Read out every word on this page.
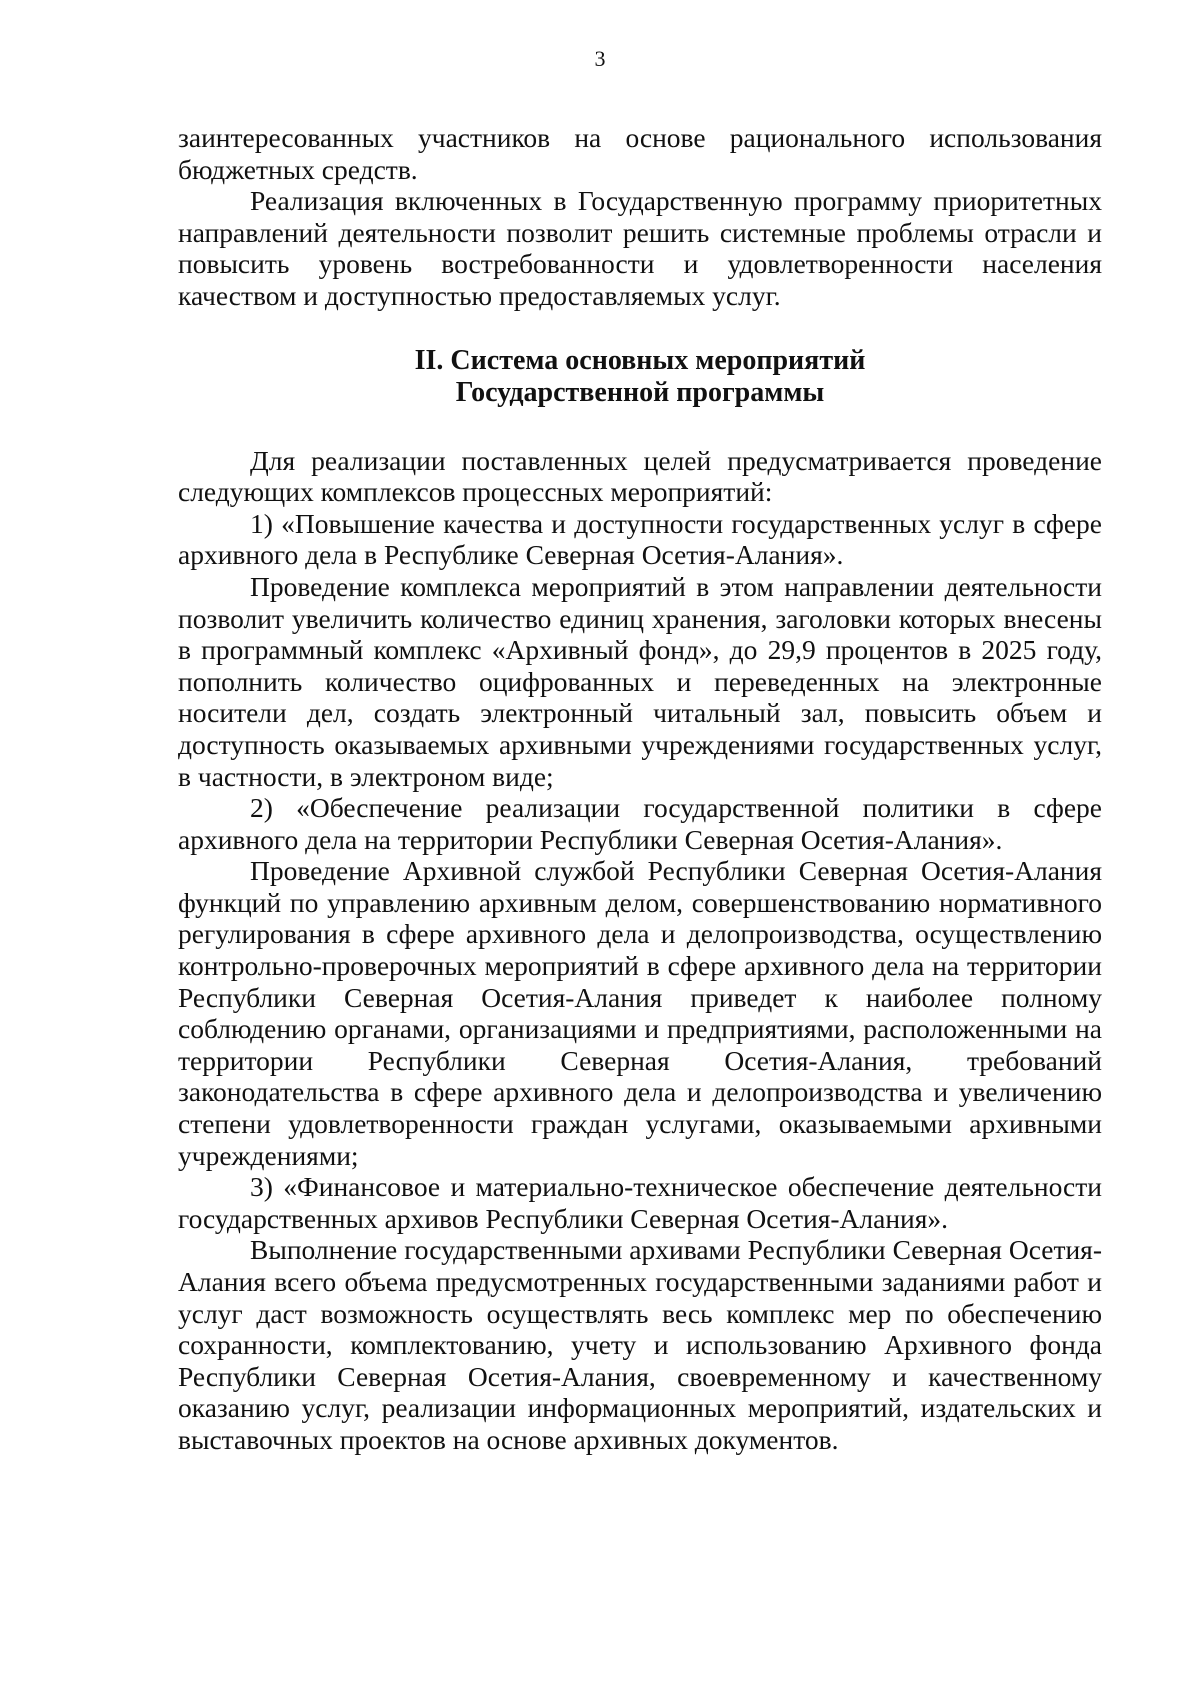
3

заинтересованных участников на основе рационального использования бюджетных средств.

Реализация включенных в Государственную программу приоритетных направлений деятельности позволит решить системные проблемы отрасли и повысить уровень востребованности и удовлетворенности населения качеством и доступностью предоставляемых услуг.

II. Система основных мероприятий
Государственной программы

Для реализации поставленных целей предусматривается проведение следующих комплексов процессных мероприятий:

1) «Повышение качества и доступности государственных услуг в сфере архивного дела в Республике Северная Осетия-Алания».

Проведение комплекса мероприятий в этом направлении деятельности позволит увеличить количество единиц хранения, заголовки которых внесены в программный комплекс «Архивный фонд», до 29,9 процентов в 2025 году, пополнить количество оцифрованных и переведенных на электронные носители дел, создать электронный читальный зал, повысить объем и доступность оказываемых архивными учреждениями государственных услуг, в частности, в электроном виде;

2) «Обеспечение реализации государственной политики в сфере архивного дела на территории Республики Северная Осетия-Алания».

Проведение Архивной службой Республики Северная Осетия-Алания функций по управлению архивным делом, совершенствованию нормативного регулирования в сфере архивного дела и делопроизводства, осуществлению контрольно-проверочных мероприятий в сфере архивного дела на территории Республики Северная Осетия-Алания приведет к наиболее полному соблюдению органами, организациями и предприятиями, расположенными на территории Республики Северная Осетия-Алания, требований законодательства в сфере архивного дела и делопроизводства и увеличению степени удовлетворенности граждан услугами, оказываемыми архивными учреждениями;

3) «Финансовое и материально-техническое обеспечение деятельности государственных архивов Республики Северная Осетия-Алания».

Выполнение государственными архивами Республики Северная Осетия-Алания всего объема предусмотренных государственными заданиями работ и услуг даст возможность осуществлять весь комплекс мер по обеспечению сохранности, комплектованию, учету и использованию Архивного фонда Республики Северная Осетия-Алания, своевременному и качественному оказанию услуг, реализации информационных мероприятий, издательских и выставочных проектов на основе архивных документов.
